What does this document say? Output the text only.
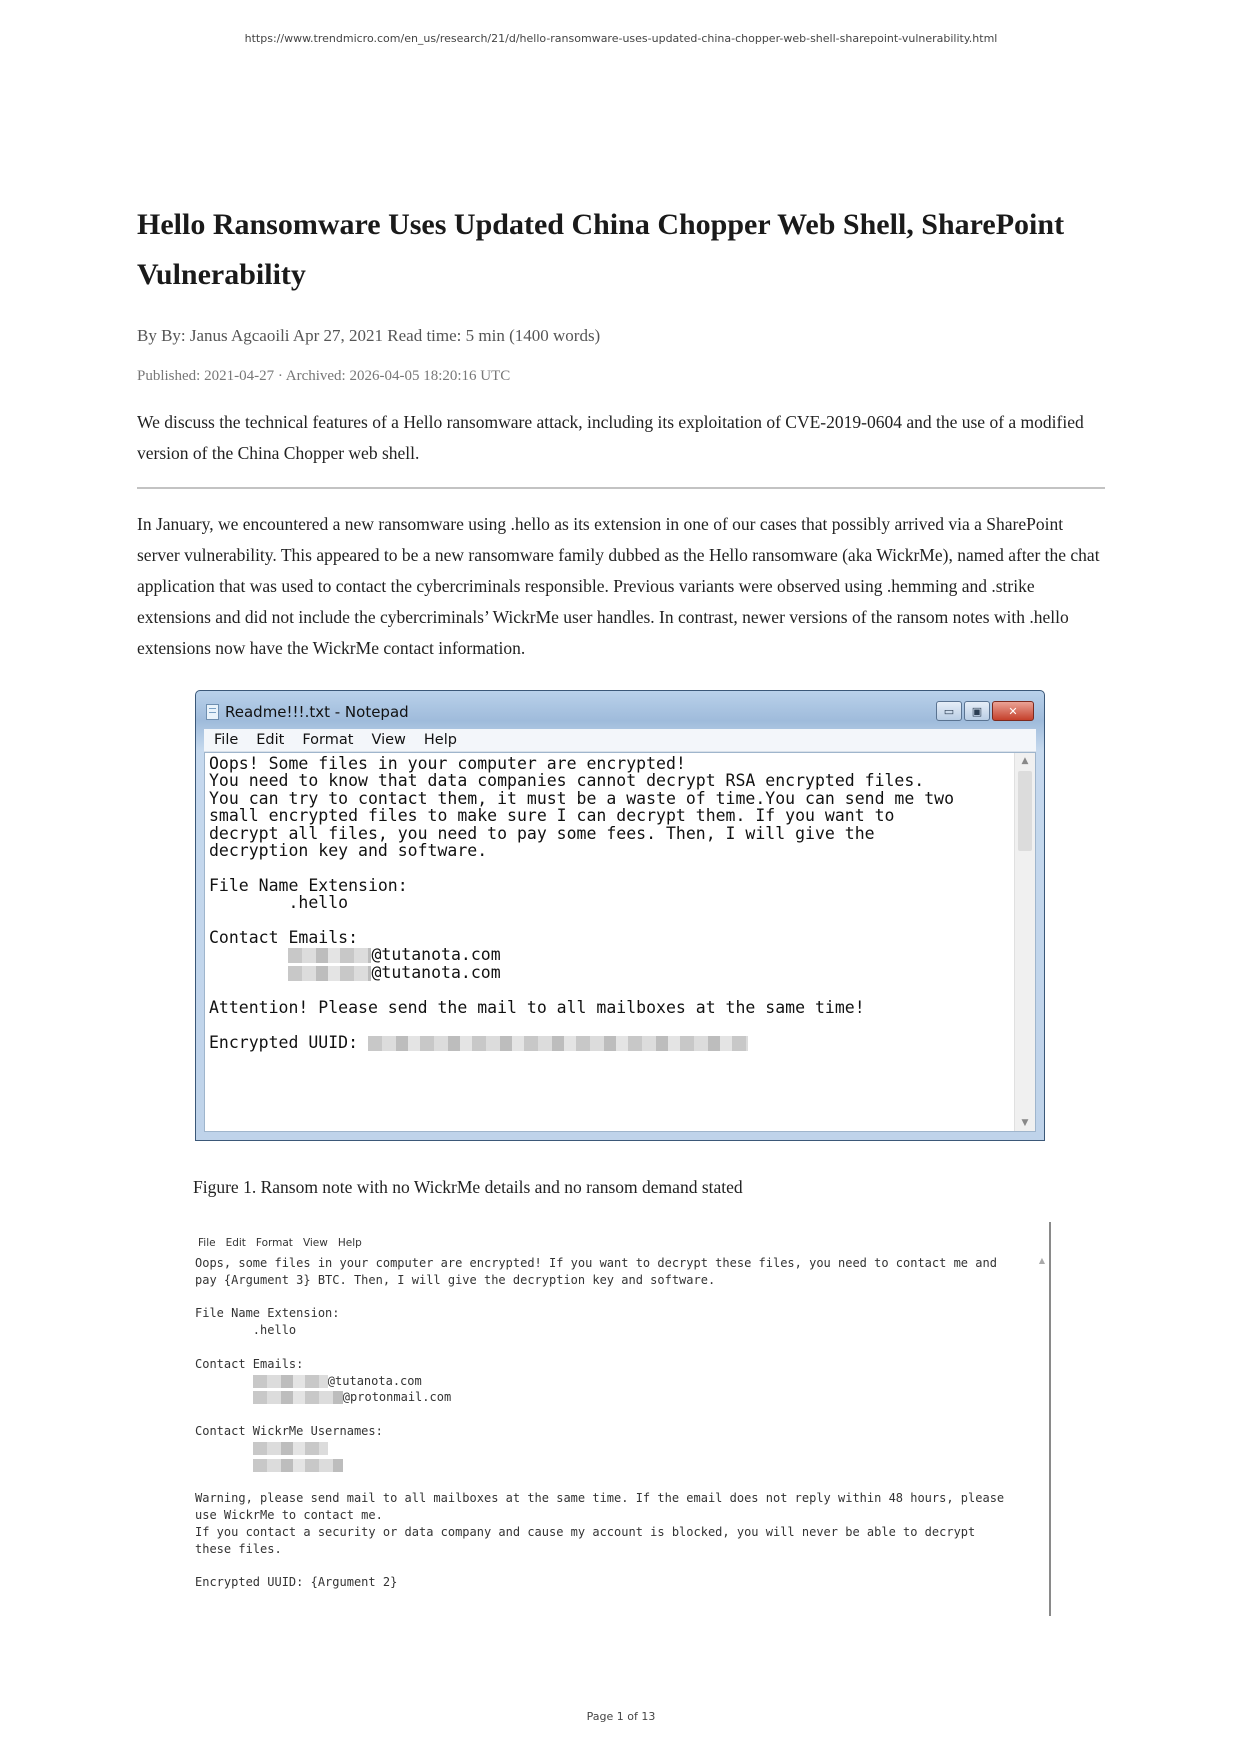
https://www.trendmicro.com/en_us/research/21/d/hello-ransomware-uses-updated-china-chopper-web-shell-sharepoint-vulnerability.html
Hello Ransomware Uses Updated China Chopper Web Shell, SharePoint Vulnerability
By By: Janus Agcaoili Apr 27, 2021 Read time: 5 min (1400 words)
Published: 2021-04-27 · Archived: 2026-04-05 18:20:16 UTC
We discuss the technical features of a Hello ransomware attack, including its exploitation of CVE-2019-0604 and the use of a modified version of the China Chopper web shell.
In January, we encountered a new ransomware using .hello as its extension in one of our cases that possibly arrived via a SharePoint server vulnerability. This appeared to be a new ransomware family dubbed as the Hello ransomware (aka WickrMe), named after the chat application that was used to contact the cybercriminals responsible. Previous variants were observed using .hemming and .strike extensions and did not include the cybercriminals’ WickrMe user handles. In contrast, newer versions of the ransom notes with .hello extensions now have the WickrMe contact information.
Readme!!!.txt - Notepad	▭	▣	✕
File Edit Format View Help
Oops! Some files in your computer are encrypted!
You need to know that data companies cannot decrypt RSA encrypted files.
You can try to contact them, it must be a waste of time.You can send me two
small encrypted files to make sure I can decrypt them. If you want to
decrypt all files, you need to pay some fees. Then, I will give the
decryption key and software.

File Name Extension:
.hello

Contact Emails:
@tutanota.com
@tutanota.com

Attention! Please send the mail to all mailboxes at the same time!

Encrypted UUID:
▲
▼
Figure 1. Ransom note with no WickrMe details and no ransom demand stated
File Edit Format View Help
▲
Oops, some files in your computer are encrypted! If you want to decrypt these files, you need to contact me and
pay {Argument 3} BTC. Then, I will give the decryption key and software.

File Name Extension:
.hello

Contact Emails:
@tutanota.com
@protonmail.com

Contact WickrMe Usernames:

Warning, please send mail to all mailboxes at the same time. If the email does not reply within 48 hours, please
use WickrMe to contact me.
If you contact a security or data company and cause my account is blocked, you will never be able to decrypt
these files.

Encrypted UUID: {Argument 2}
Page 1 of 13
